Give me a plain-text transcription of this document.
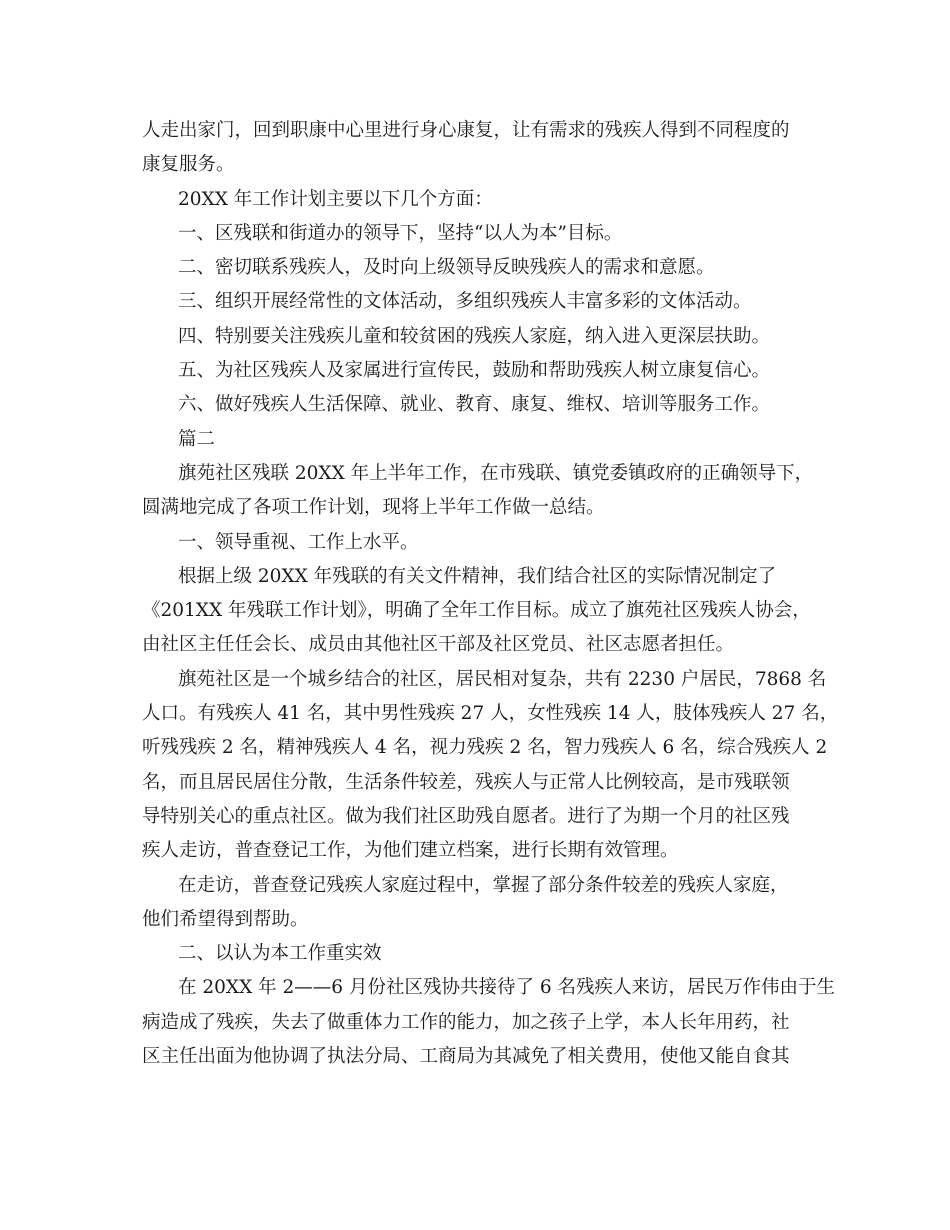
人走出家门，回到职康中心里进行身心康复，让有需求的残疾人得到不同程度的

康复服务。

20XX 年工作计划主要以下几个方面：

一、区残联和街道办的领导下，坚持“以人为本”目标。

二、密切联系残疾人，及时向上级领导反映残疾人的需求和意愿。

三、组织开展经常性的文体活动，多组织残疾人丰富多彩的文体活动。

四、特别要关注残疾儿童和较贫困的残疾人家庭，纳入进入更深层扶助。

五、为社区残疾人及家属进行宣传民，鼓励和帮助残疾人树立康复信心。

六、做好残疾人生活保障、就业、教育、康复、维权、培训等服务工作。

篇二

旗苑社区残联 20XX 年上半年工作，在市残联、镇党委镇政府的正确领导下，

圆满地完成了各项工作计划，现将上半年工作做一总结。

一、领导重视、工作上水平。

根据上级 20XX 年残联的有关文件精神，我们结合社区的实际情况制定了

《201XX 年残联工作计划》，明确了全年工作目标。成立了旗苑社区残疾人协会，

由社区主任任会长、成员由其他社区干部及社区党员、社区志愿者担任。

旗苑社区是一个城乡结合的社区，居民相对复杂，共有 2230 户居民，7868 名

人口。有残疾人 41 名，其中男性残疾 27 人，女性残疾 14 人，肢体残疾人 27 名，

听残残疾 2 名，精神残疾人 4 名，视力残疾 2 名，智力残疾人 6 名，综合残疾人 2

名，而且居民居住分散，生活条件较差，残疾人与正常人比例较高，是市残联领

导特别关心的重点社区。做为我们社区助残自愿者。进行了为期一个月的社区残

疾人走访，普查登记工作，为他们建立档案，进行长期有效管理。

在走访，普查登记残疾人家庭过程中，掌握了部分条件较差的残疾人家庭，

他们希望得到帮助。

二、以认为本工作重实效

在 20XX 年 2——6 月份社区残协共接待了 6 名残疾人来访，居民万作伟由于生

病造成了残疾，失去了做重体力工作的能力，加之孩子上学，本人长年用药，社

区主任出面为他协调了执法分局、工商局为其减免了相关费用，使他又能自食其
